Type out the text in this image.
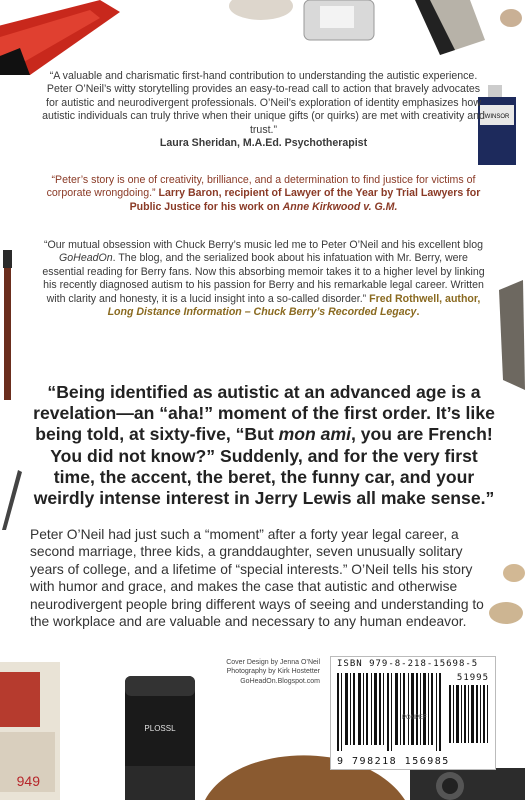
WINSOR
949
PLOSSL
“A valuable and charismatic first-hand contribution to understanding the autistic experience. Peter O’Neil’s witty storytelling provides an easy-to-read call to action that bravely advocates for autistic and neurodivergent professionals. O’Neil’s exploration of identity emphasizes how autistic individuals can truly thrive when their unique gifts (or quirks) are met with creativity and trust.”
Laura Sheridan, M.A.Ed. Psychotherapist
“Peter’s story is one of creativity, brilliance, and a determination to find justice for victims of corporate wrongdoing.” Larry Baron, recipient of Lawyer of the Year by Trial Lawyers for Public Justice for his work on Anne Kirkwood v. G.M.
“Our mutual obsession with Chuck Berry’s music led me to Peter O’Neil and his excellent blog GoHeadOn. The blog, and the serialized book about his infatuation with Mr. Berry, were essential reading for Berry fans. Now this absorbing memoir takes it to a higher level by linking his recently diagnosed autism to his passion for Berry and his remarkable legal career. Written with clarity and honesty, it is a lucid insight into a so-called disorder.” Fred Rothwell, author, Long Distance Information – Chuck Berry’s Recorded Legacy.
“Being identified as autistic at an advanced age is a revelation—an “aha!” moment of the first order. It’s like being told, at sixty-five, “But mon ami, you are French! You did not know?” Suddenly, and for the very first time, the accent, the beret, the funny car, and your weirdly intense interest in Jerry Lewis all make sense.”
Peter O’Neil had just such a “moment” after a forty year legal career, a second marriage, three kids, a granddaughter, seven unusually solitary years of college, and a lifetime of “special interests.” O’Neil tells his story with humor and grace, and makes the case that autistic and otherwise neurodivergent people bring different ways of seeing and understanding to the workplace and are valuable and necessary to any human endeavor.
Cover Design by Jenna O’Neil
Photography by Kirk Hostetter
GoHeadOn.Blogspot.com
ISBN 979-8-218-15698-5
51995
9 798218 156985
PONPEF
